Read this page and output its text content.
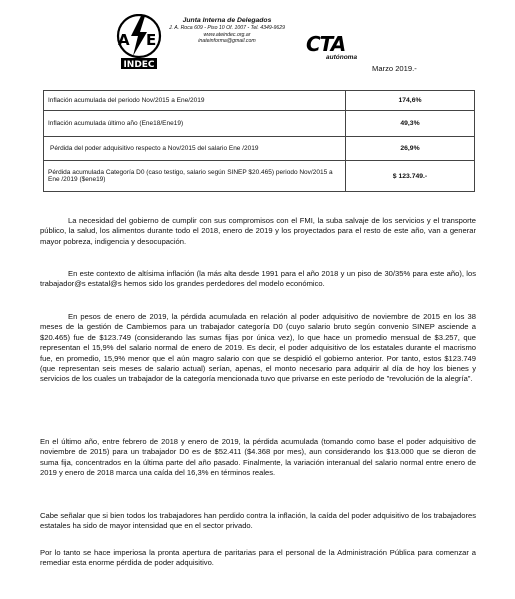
A E
INDEC
Junta Interna de Delegados
J. A. Roca 609 - Piso 10 Of. 1007 - Tel. 4349-9629
www.ateindec.org.ar
inateinforma@gmail.com	CTA
autónoma
Marzo 2019.-
Inflación acumulada del periodo Nov/2015 a Ene/2019	174,6%
Inflación acumulada último año (Ene18/Ene19)	49,3%
Pérdida del poder adquisitivo respecto a Nov/2015 del salario Ene /2019	26,9%
Pérdida acumulada Categoría D0 (caso testigo, salario según SINEP $20.465) periodo Nov/2015 a Ene /2019 ($ene19)	$ 123.749.-

La necesidad del gobierno de cumplir con sus compromisos con el FMI, la suba salvaje de los servicios y el transporte público, la salud, los alimentos durante todo el 2018, enero de 2019 y los proyectados para el resto de este año, van a generar mayor pobreza, indigencia y desocupación.

En este contexto de altísima inflación (la más alta desde 1991 para el año 2018 y un piso de 30/35% para este año), los trabajador@s estatal@s hemos sido los grandes perdedores del modelo económico.

En pesos de enero de 2019, la pérdida acumulada en relación al poder adquisitivo de noviembre de 2015 en los 38 meses de la gestión de Cambiemos para un trabajador categoría D0 (cuyo salario bruto según convenio SINEP asciende a $20.465) fue de $123.749 (considerando las sumas fijas por única vez), lo que hace un promedio mensual de $3.257, que representan el 15,9% del salario normal de enero de 2019. Es decir, el poder adquisitivo de los estatales durante el macrismo fue, en promedio, 15,9% menor que el aún magro salario con que se despidió el gobierno anterior. Por tanto, estos $123.749 (que representan seis meses de salario actual) serían, apenas, el monto necesario para adquirir al día de hoy los bienes y servicios de los cuales un trabajador de la categoría mencionada tuvo que privarse en este período de "revolución de la alegría".

En el último año, entre febrero de 2018 y enero de 2019, la pérdida acumulada (tomando como base el poder adquisitivo de noviembre de 2015) para un trabajador D0 es de $52.411 ($4.368 por mes), aun considerando los $13.000 que se dieron de suma fija, concentrados en la última parte del año pasado. Finalmente, la variación interanual del salario normal entre enero de 2019 y enero de 2018 marca una caída del 16,3% en términos reales.

Cabe señalar que si bien todos los trabajadores han perdido contra la inflación, la caída del poder adquisitivo de los trabajadores estatales ha sido de mayor intensidad que en el sector privado.

Por lo tanto se hace imperiosa la pronta apertura de paritarias para el personal de la Administración Pública para comenzar a remediar esta enorme pérdida de poder adquisitivo.
